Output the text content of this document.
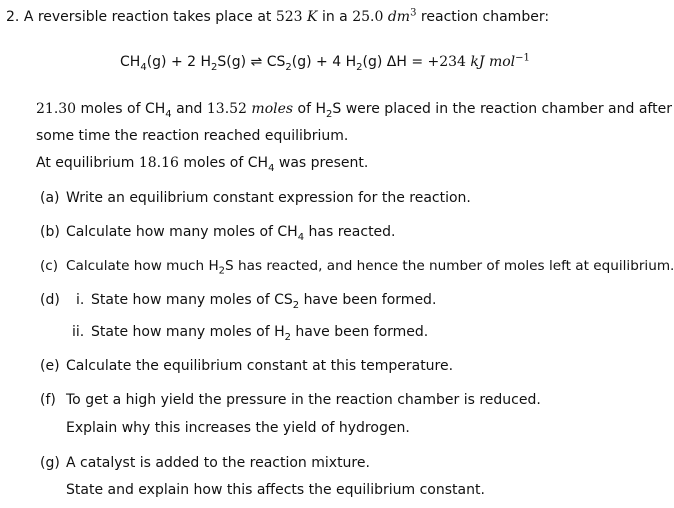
2. A reversible reaction takes place at 523 K in a 25.0 $dm^3$ reaction chamber:
$CH_4(g) + 2$ $H_2S(g)$ ⇌ $CS_2(g) + 4$ $H_2(g) \Delta H = +234$ kJ mol$^{-1}$
21.30 moles of $CH_4$ and 13.52 moles of $H_2S$ were placed in the reaction chamber and after
some time the reaction reached equilibrium.
At equilibrium 18.16 moles of $CH_4$ was present.
(a) Write an equilibrium constant expression for the reaction.
(b) Calculate how many moles of $CH_4$ has reacted.
(c) Calculate how much $H_2S$ has reacted, and hence the number of moles left at equilibrium.
(d) i. State how many moles of $CS_2$ have been formed.
ii. State how many moles of $H_2$ have been formed.
(e) Calculate the equilibrium constant at this temperature.
(f) To get a high yield the pressure in the reaction chamber is reduced.
Explain why this increases the yield of hydrogen.
(g) A catalyst is added to the reaction mixture.
State and explain how this affects the equilibrium constant.
